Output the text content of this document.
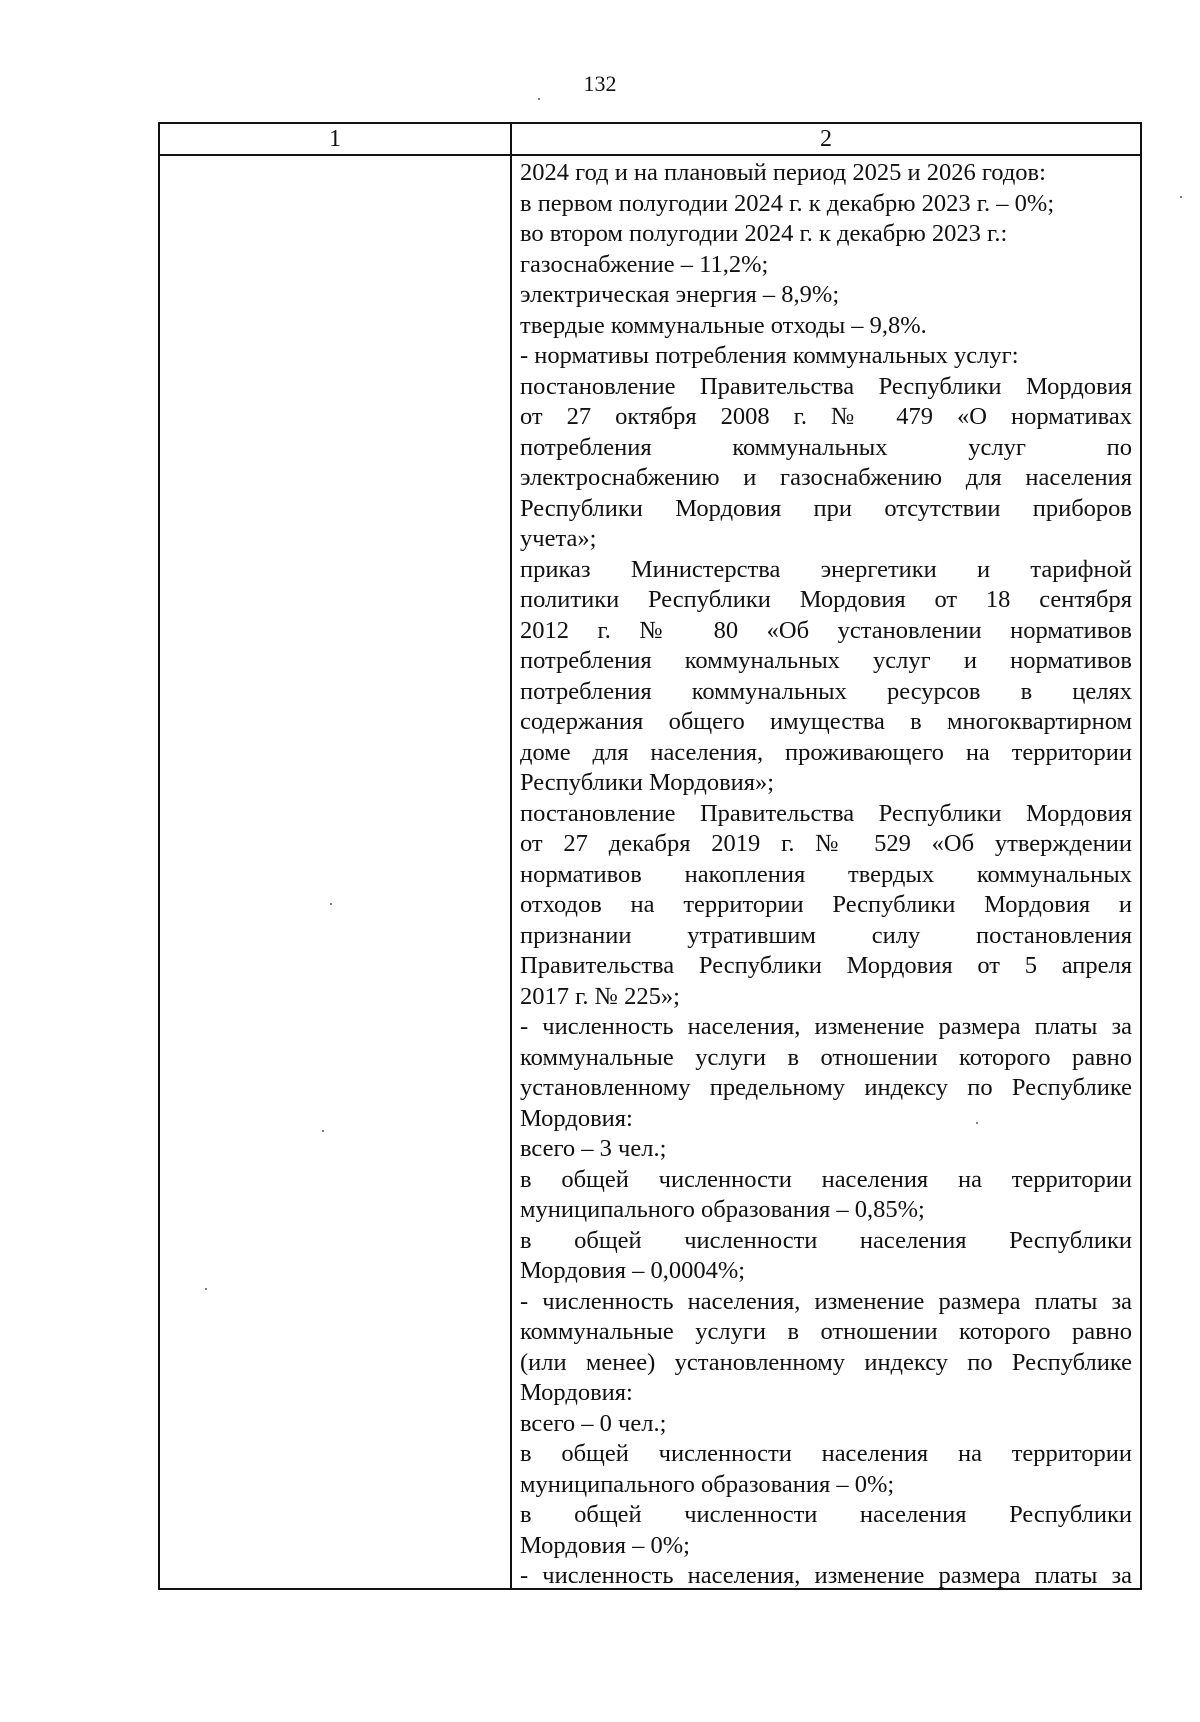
132
1	2
2024 год и на плановый период 2025 и 2026 годов:
в первом полугодии 2024 г. к декабрю 2023 г. – 0%;
во втором полугодии 2024 г. к декабрю 2023 г.:
газоснабжение – 11,2%;
электрическая энергия – 8,9%;
твердые коммунальные отходы – 9,8%.
- нормативы потребления коммунальных услуг:
постановление Правительства Республики Мордовия
от 27 октября 2008 г. № 479 «О нормативах
потребления коммунальных услуг по
электроснабжению и газоснабжению для населения
Республики Мордовия при отсутствии приборов
учета»;
приказ Министерства энергетики и тарифной
политики Республики Мордовия от 18 сентября
2012 г. № 80 «Об установлении нормативов
потребления коммунальных услуг и нормативов
потребления коммунальных ресурсов в целях
содержания общего имущества в многоквартирном
доме для населения, проживающего на территории
Республики Мордовия»;
постановление Правительства Республики Мордовия
от 27 декабря 2019 г. № 529 «Об утверждении
нормативов накопления твердых коммунальных
отходов на территории Республики Мордовия и
признании утратившим силу постановления
Правительства Республики Мордовия от 5 апреля
2017 г. № 225»;
- численность населения, изменение размера платы за
коммунальные услуги в отношении которого равно
установленному предельному индексу по Республике
Мордовия:
всего – 3 чел.;
в общей численности населения на территории
муниципального образования – 0,85%;
в общей численности населения Республики
Мордовия – 0,0004%;
- численность населения, изменение размера платы за
коммунальные услуги в отношении которого равно
(или менее) установленному индексу по Республике
Мордовия:
всего – 0 чел.;
в общей численности населения на территории
муниципального образования – 0%;
в общей численности населения Республики
Мордовия – 0%;
- численность населения, изменение размера платы за
